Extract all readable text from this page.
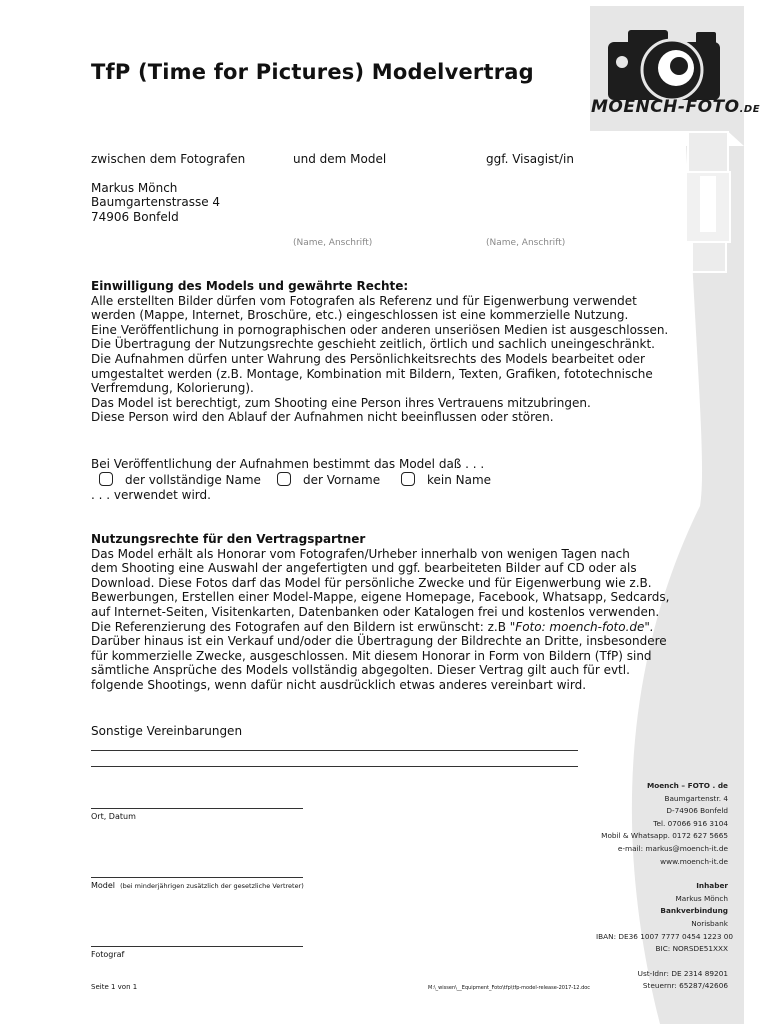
MOENCH-FOTO.DE
TfP (Time for Pictures) Modelvertrag
zwischen dem Fotografen	und dem Model	ggf. Visagist/in
Markus Mönch
Baumgartenstrasse 4
74906 Bonfeld
(Name, Anschrift)	(Name, Anschrift)
Einwilligung des Models und gewährte Rechte:
Alle erstellten Bilder dürfen vom Fotografen als Referenz und für Eigenwerbung verwendet
werden (Mappe, Internet, Broschüre, etc.) eingeschlossen ist eine kommerzielle Nutzung.
Eine Veröffentlichung in pornographischen oder anderen unseriösen Medien ist ausgeschlossen.
Die Übertragung der Nutzungsrechte geschieht zeitlich, örtlich und sachlich uneingeschränkt.
Die Aufnahmen dürfen unter Wahrung des Persönlichkeitsrechts des Models bearbeitet oder
umgestaltet werden (z.B. Montage, Kombination mit Bildern, Texten, Grafiken, fototechnische
Verfremdung, Kolorierung).
Das Model ist berechtigt, zum Shooting eine Person ihres Vertrauens mitzubringen.
Diese Person wird den Ablauf der Aufnahmen nicht beeinflussen oder stören.
Bei Veröffentlichung der Aufnahmen bestimmt das Model daß . . .
der vollständige Name	der Vorname	kein Name
. . . verwendet wird.
Nutzungsrechte für den Vertragspartner
Das Model erhält als Honorar vom Fotografen/Urheber innerhalb von wenigen Tagen nach
dem Shooting eine Auswahl der angefertigten und ggf. bearbeiteten Bilder auf CD oder als
Download. Diese Fotos darf das Model für persönliche Zwecke und für Eigenwerbung wie z.B.
Bewerbungen, Erstellen einer Model-Mappe, eigene Homepage, Facebook, Whatsapp, Sedcards,
auf Internet-Seiten, Visitenkarten, Datenbanken oder Katalogen frei und kostenlos verwenden.
Die Referenzierung des Fotografen auf den Bildern ist erwünscht: z.B "Foto: moench-foto.de".
Darüber hinaus ist ein Verkauf und/oder die Übertragung der Bildrechte an Dritte, insbesondere
für kommerzielle Zwecke, ausgeschlossen. Mit diesem Honorar in Form von Bildern (TfP) sind
sämtliche Ansprüche des Models vollständig abgegolten. Dieser Vertrag gilt auch für evtl.
folgende Shootings, wenn dafür nicht ausdrücklich etwas anderes vereinbart wird.
Sonstige Vereinbarungen
Ort, Datum
Model (bei minderjährigen zusätzlich der gesetzliche Vertreter)
Fotograf
Seite 1 von 1	M:\_wissen\__Equipment_Foto\tfp\tfp-model-release-2017-12.doc
Moench – FOTO . de
Baumgartenstr. 4
D-74906 Bonfeld
Tel. 07066 916 3104
Mobil & Whatsapp. 0172 627 5665
e-mail: markus@moench-it.de
www.moench-it.de
Inhaber
Markus Mönch
Bankverbindung
Norisbank
IBAN: DE36 1007 7777 0454 1223 00
BIC: NORSDE51XXX
Ust-Idnr: DE 2314 89201
Steuernr: 65287/42606
